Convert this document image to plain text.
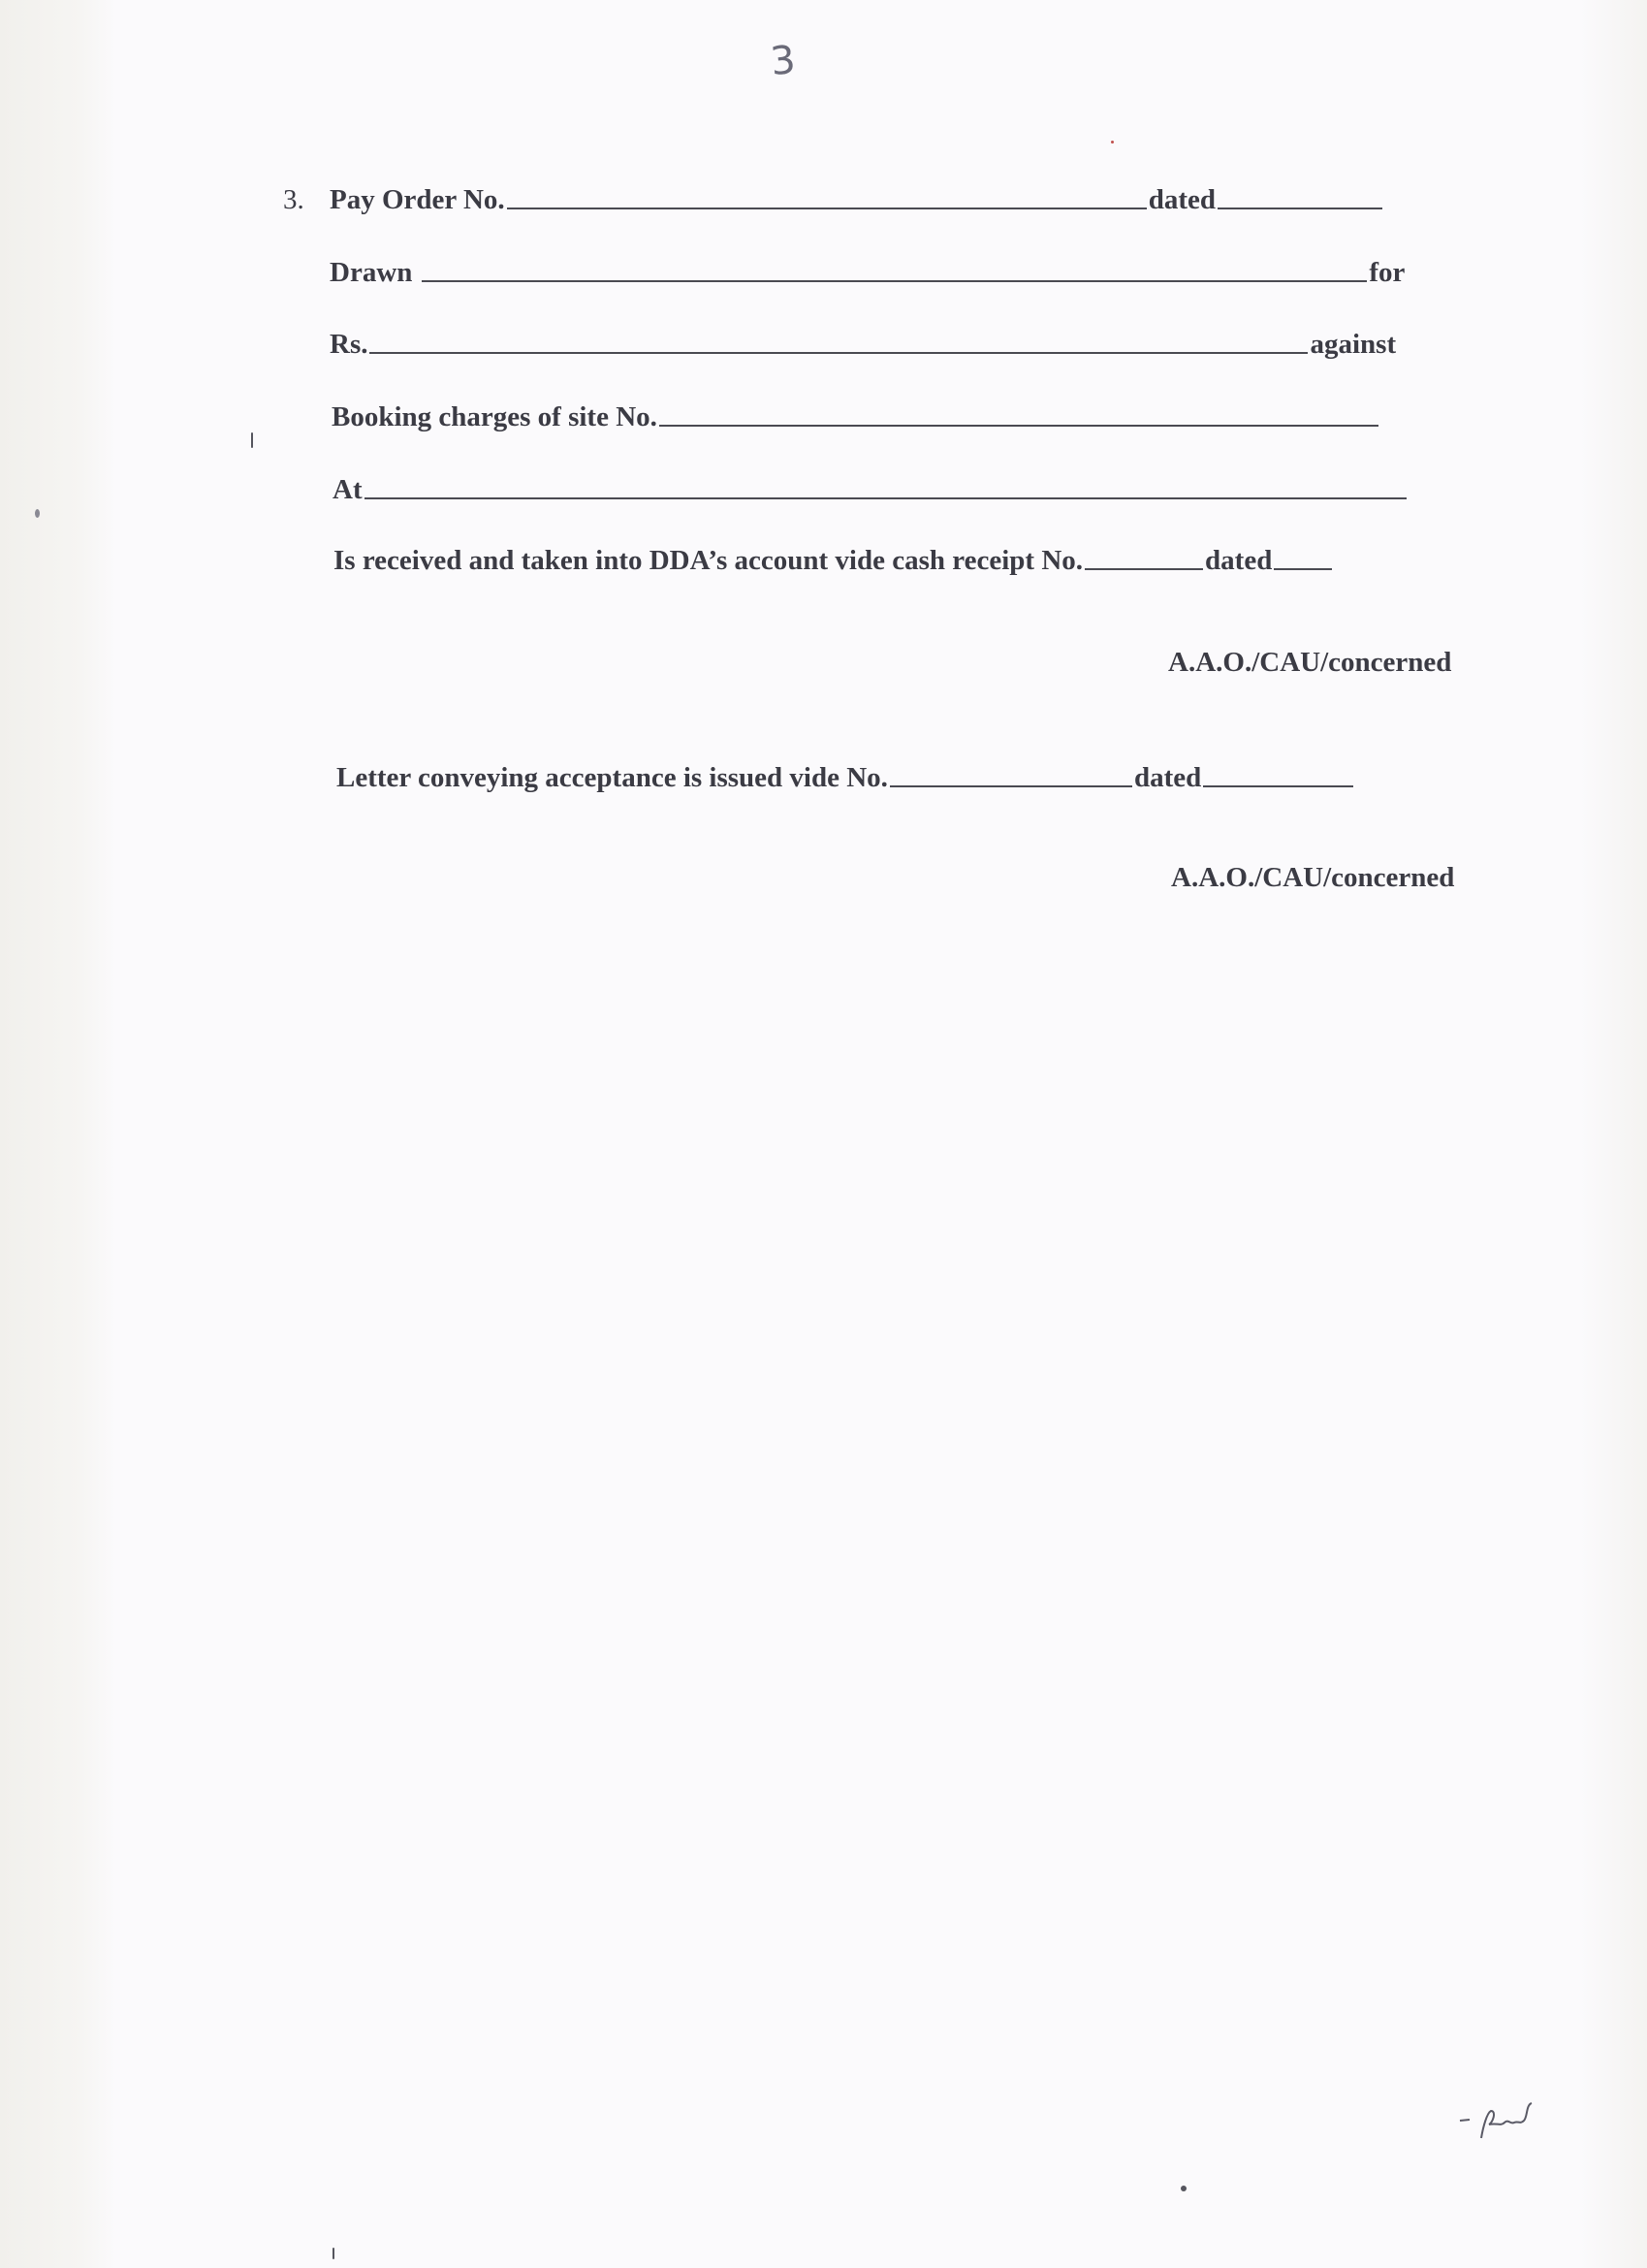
3
3. Pay Order No.	dated
Drawn	for
Rs.	against
Booking charges of site No.
At
Is received and taken into DDA’s account vide cash receipt No.	dated
A.A.O./CAU/concerned
Letter conveying acceptance is issued vide No.	dated
A.A.O./CAU/concerned
